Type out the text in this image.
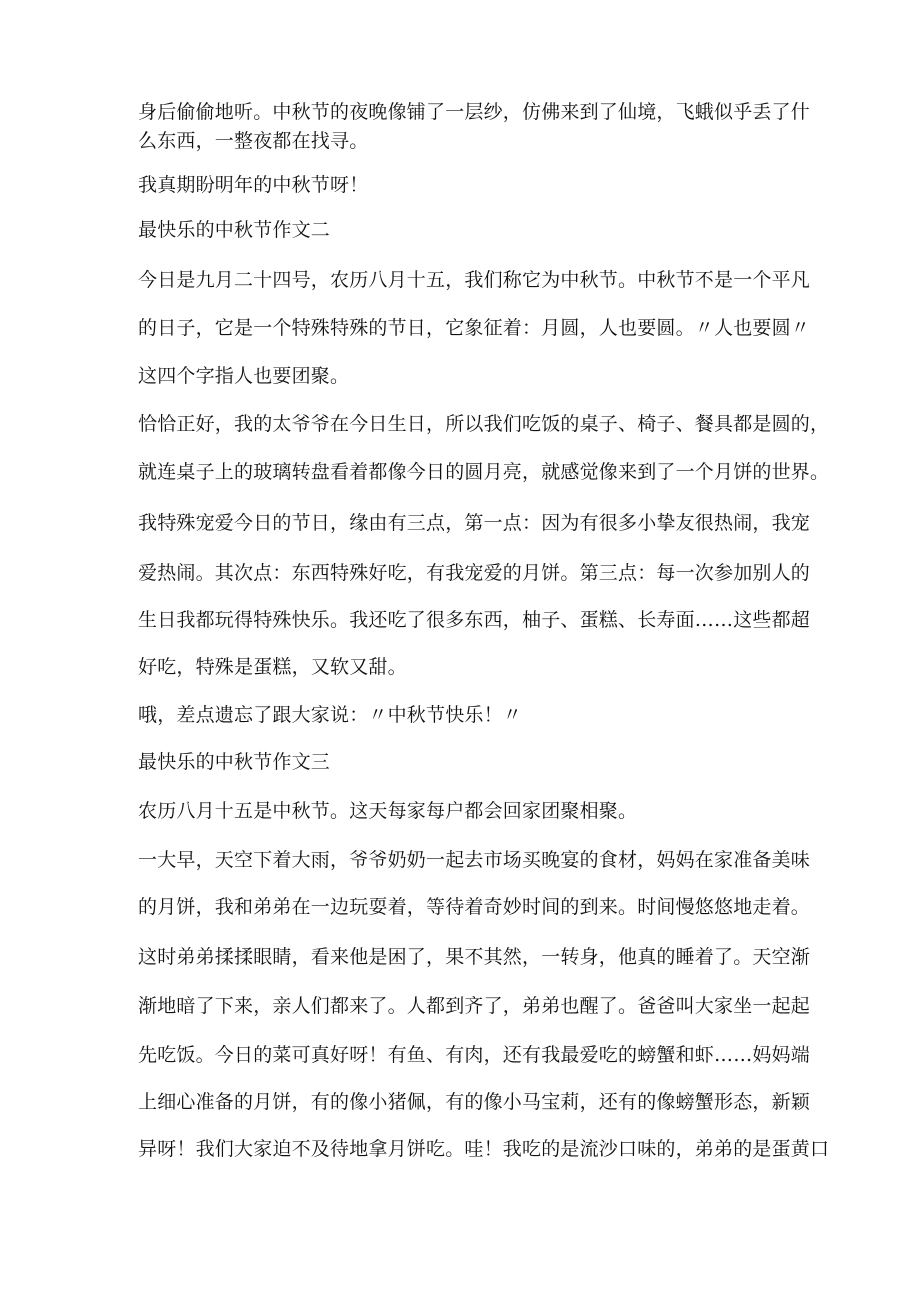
身后偷偷地听。中秋节的夜晚像铺了一层纱，仿佛来到了仙境，飞蛾似乎丢了什
么东西，一整夜都在找寻。
我真期盼明年的中秋节呀！
最快乐的中秋节作文二
今日是九月二十四号，农历八月十五，我们称它为中秋节。中秋节不是一个平凡
的日子，它是一个特殊特殊的节日，它象征着：月圆，人也要圆。〃人也要圆〃
这四个字指人也要团聚。
恰恰正好，我的太爷爷在今日生日，所以我们吃饭的桌子、椅子、餐具都是圆的，
就连桌子上的玻璃转盘看着都像今日的圆月亮，就感觉像来到了一个月饼的世界。
我特殊宠爱今日的节日，缘由有三点，第一点：因为有很多小挚友很热闹，我宠
爱热闹。其次点：东西特殊好吃，有我宠爱的月饼。第三点：每一次参加别人的
生日我都玩得特殊快乐。我还吃了很多东西，柚子、蛋糕、长寿面……这些都超
好吃，特殊是蛋糕，又软又甜。
哦，差点遗忘了跟大家说：〃中秋节快乐！〃
最快乐的中秋节作文三
农历八月十五是中秋节。这天每家每户都会回家团聚相聚。
一大早，天空下着大雨，爷爷奶奶一起去市场买晚宴的食材，妈妈在家准备美味
的月饼，我和弟弟在一边玩耍着，等待着奇妙时间的到来。时间慢悠悠地走着。
这时弟弟揉揉眼睛，看来他是困了，果不其然，一转身，他真的睡着了。天空渐
渐地暗了下来，亲人们都来了。人都到齐了，弟弟也醒了。爸爸叫大家坐一起起
先吃饭。今日的菜可真好呀！有鱼、有肉，还有我最爱吃的螃蟹和虾……妈妈端
上细心准备的月饼，有的像小猪佩，有的像小马宝莉，还有的像螃蟹形态，新颖
异呀！我们大家迫不及待地拿月饼吃。哇！我吃的是流沙口味的，弟弟的是蛋黄口
